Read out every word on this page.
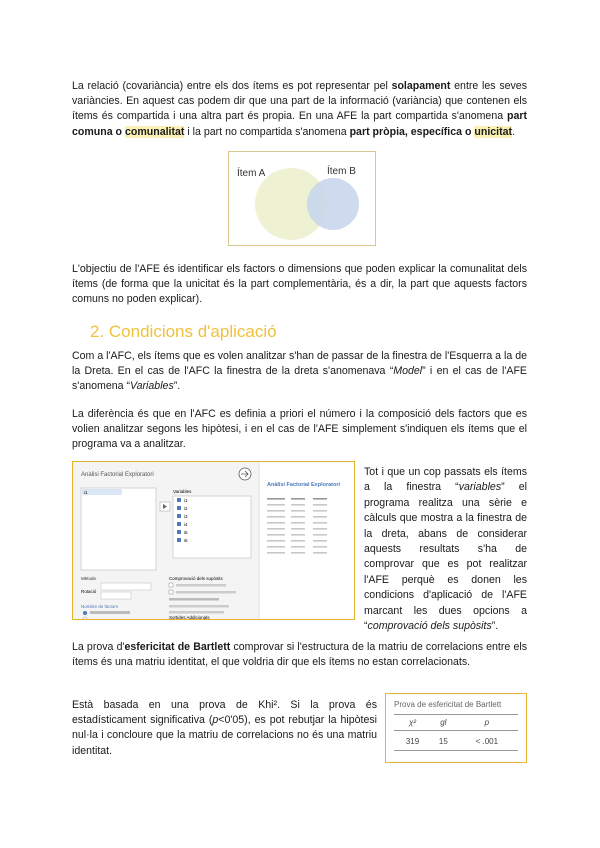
La relació (covariància) entre els dos ítems es pot representar pel solapament entre les seves variàncies. En aquest cas podem dir que una part de la informació (variància) que contenen els ítems és compartida i una altra part és propia. En una AFE la part compartida s'anomena part comuna o comunalitat i la part no compartida s'anomena part pròpia, específica o unicitat.

Ítem A	Ítem B

L'objectiu de l'AFE és identificar els factors o dimensions que poden explicar la comunalitat dels ítems (de forma que la unicitat és la part complementària, és a dir, la part que aquests factors comuns no poden explicar).

2. Condicions d'aplicació

Com a l'AFC, els ítems que es volen analitzar s'han de passar de la finestra de l'Esquerra a la de la Dreta. En el cas de l'AFC la finestra de la dreta s'anomenava “Model” i en el cas de l'AFE s'anomena “Variables”.

La diferència és que en l'AFC es definia a priori el número i la composició dels factors que es volien analitzar segons les hipòtesi, i en el cas de l'AFE simplement s'indiquen els ítems que el programa va a analitzar.

Anàlisi Factorial Exploratori
i1	Variables
i1
i2
i3
i4
i5
i6
Mètode
Rotació
Nombre de factors
Comprovació dels supòsits
Sortides Addicionals
Anàlisi Factorial Exploratori

Tot i que un cop passats els ítems a la finestra “variables” el programa realitza una sèrie e càlculs que mostra a la finestra de la dreta, abans de considerar aquests resultats s'ha de comprovar que es pot realitzar l'AFE perquè es donen les condicions d'aplicació de l'AFE marcant les dues opcions a “comprovació dels supòsits”.

La prova d'esfericitat de Bartlett comprovar si l'estructura de la matriu de correlacions entre els ítems és una matriu identitat, el que voldria dir que els ítems no estan correlacionats.

Està basada en una prova de Khi². Si la prova és estadísticament significativa (p<0'05), es pot rebutjar la hipòtesi nul·la i concloure que la matriu de correlacions no és una matriu identitat.

Prova de esfericitat de Bartlett
χ²	gl	p
319	15	< .001
